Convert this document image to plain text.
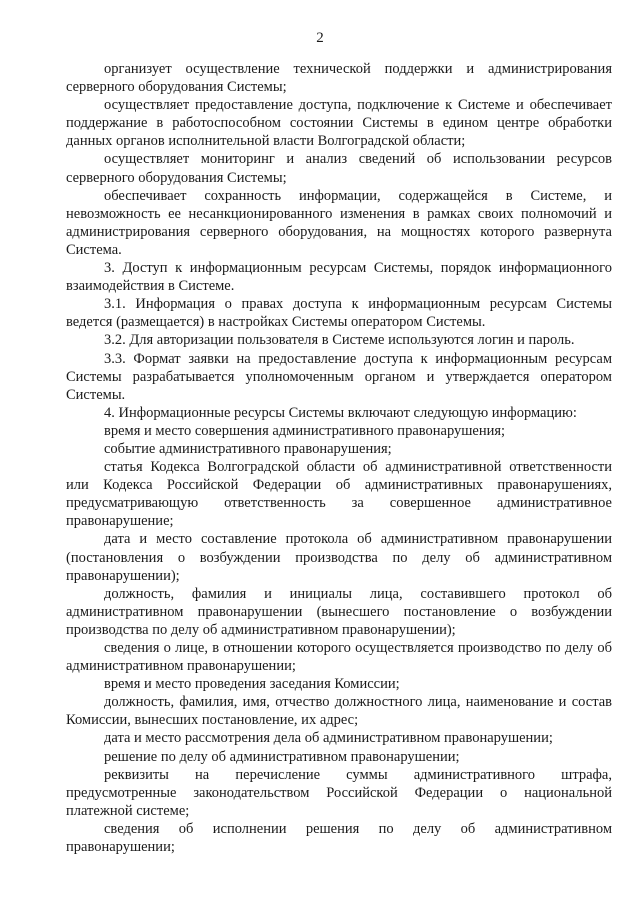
2

организует осуществление технической поддержки и администрирования серверного оборудования Системы;

осуществляет предоставление доступа, подключение к Системе и обеспечивает поддержание в работоспособном состоянии Системы в едином центре обработки данных органов исполнительной власти Волгоградской области;

осуществляет мониторинг и анализ сведений об использовании ресурсов серверного оборудования Системы;

обеспечивает сохранность информации, содержащейся в Системе, и невозможность ее несанкционированного изменения в рамках своих полномочий и администрирования серверного оборудования, на мощностях которого развернута Система.

3. Доступ к информационным ресурсам Системы, порядок информационного взаимодействия в Системе.

3.1. Информация о правах доступа к информационным ресурсам Системы ведется (размещается) в настройках Системы оператором Системы.

3.2. Для авторизации пользователя в Системе используются логин и пароль.

3.3. Формат заявки на предоставление доступа к информационным ресурсам Системы разрабатывается уполномоченным органом и утверждается оператором Системы.

4. Информационные ресурсы Системы включают следующую информацию:

время и место совершения административного правонарушения;

событие административного правонарушения;

статья Кодекса Волгоградской области об административной ответственности или Кодекса Российской Федерации об административных правонарушениях, предусматривающую ответственность за совершенное административное правонарушение;

дата и место составление протокола об административном правонарушении (постановления о возбуждении производства по делу об административном правонарушении);

должность, фамилия и инициалы лица, составившего протокол об административном правонарушении (вынесшего постановление о возбуждении производства по делу об административном правонарушении);

сведения о лице, в отношении которого осуществляется производство по делу об административном правонарушении;

время и место проведения заседания Комиссии;

должность, фамилия, имя, отчество должностного лица, наименование и состав Комиссии, вынесших постановление, их адрес;

дата и место рассмотрения дела об административном правонарушении;

решение по делу об административном правонарушении;

реквизиты на перечисление суммы административного штрафа, предусмотренные законодательством Российской Федерации о национальной платежной системе;

сведения об исполнении решения по делу об административном правонарушении;
